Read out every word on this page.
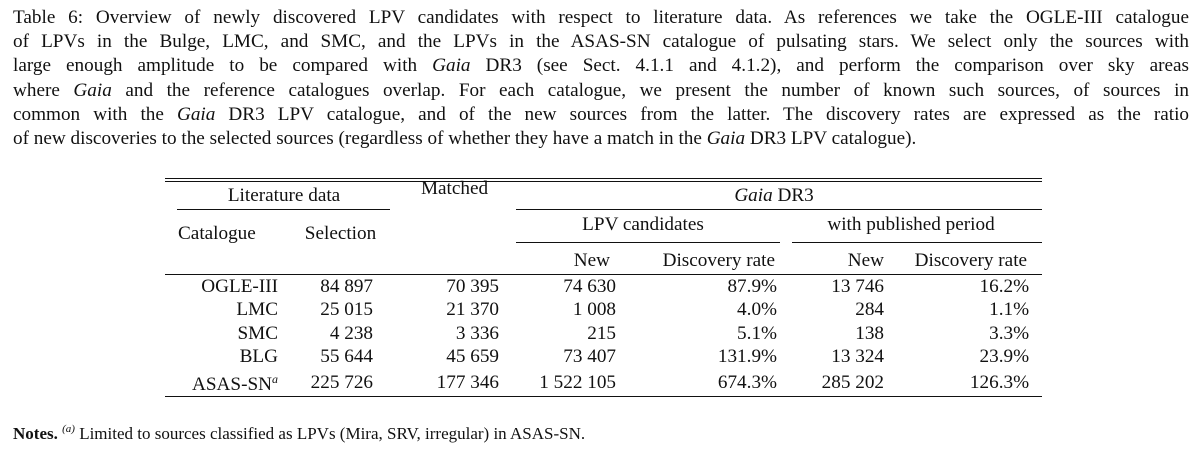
Table 6: Overview of newly discovered LPV candidates with respect to literature data. As references we take the OGLE-III catalogue
of LPVs in the Bulge, LMC, and SMC, and the LPVs in the ASAS-SN catalogue of pulsating stars. We select only the sources with
large enough amplitude to be compared with Gaia DR3 (see Sect. 4.1.1 and 4.1.2), and perform the comparison over sky areas
where Gaia and the reference catalogues overlap. For each catalogue, we present the number of known such sources, of sources in
common with the Gaia DR3 LPV catalogue, and of the new sources from the latter. The discovery rates are expressed as the ratio
of new discoveries to the selected sources (regardless of whether they have a match in the Gaia DR3 LPV catalogue).
Literature data		Matched	Gaia DR3			

Catalogue	Selection		LPV candidates		with published period	

			New	Discovery rate	New	Discovery rate
OGLE-III	84 897	70 395	74 630	87.9%	13 746	16.2%
LMC	25 015	21 370	1 008	4.0%	284	1.1%
SMC	4 238	3 336	215	5.1%	138	3.3%
BLG	55 644	45 659	73 407	131.9%	13 324	23.9%
ASAS-$SN^a$	225 726	177 346	1 522 105	674.3%	285 202	126.3%
Notes. $^{(a)}$ Limited to sources classified as LPVs (Mira, SRV, irregular) in ASAS-SN.
